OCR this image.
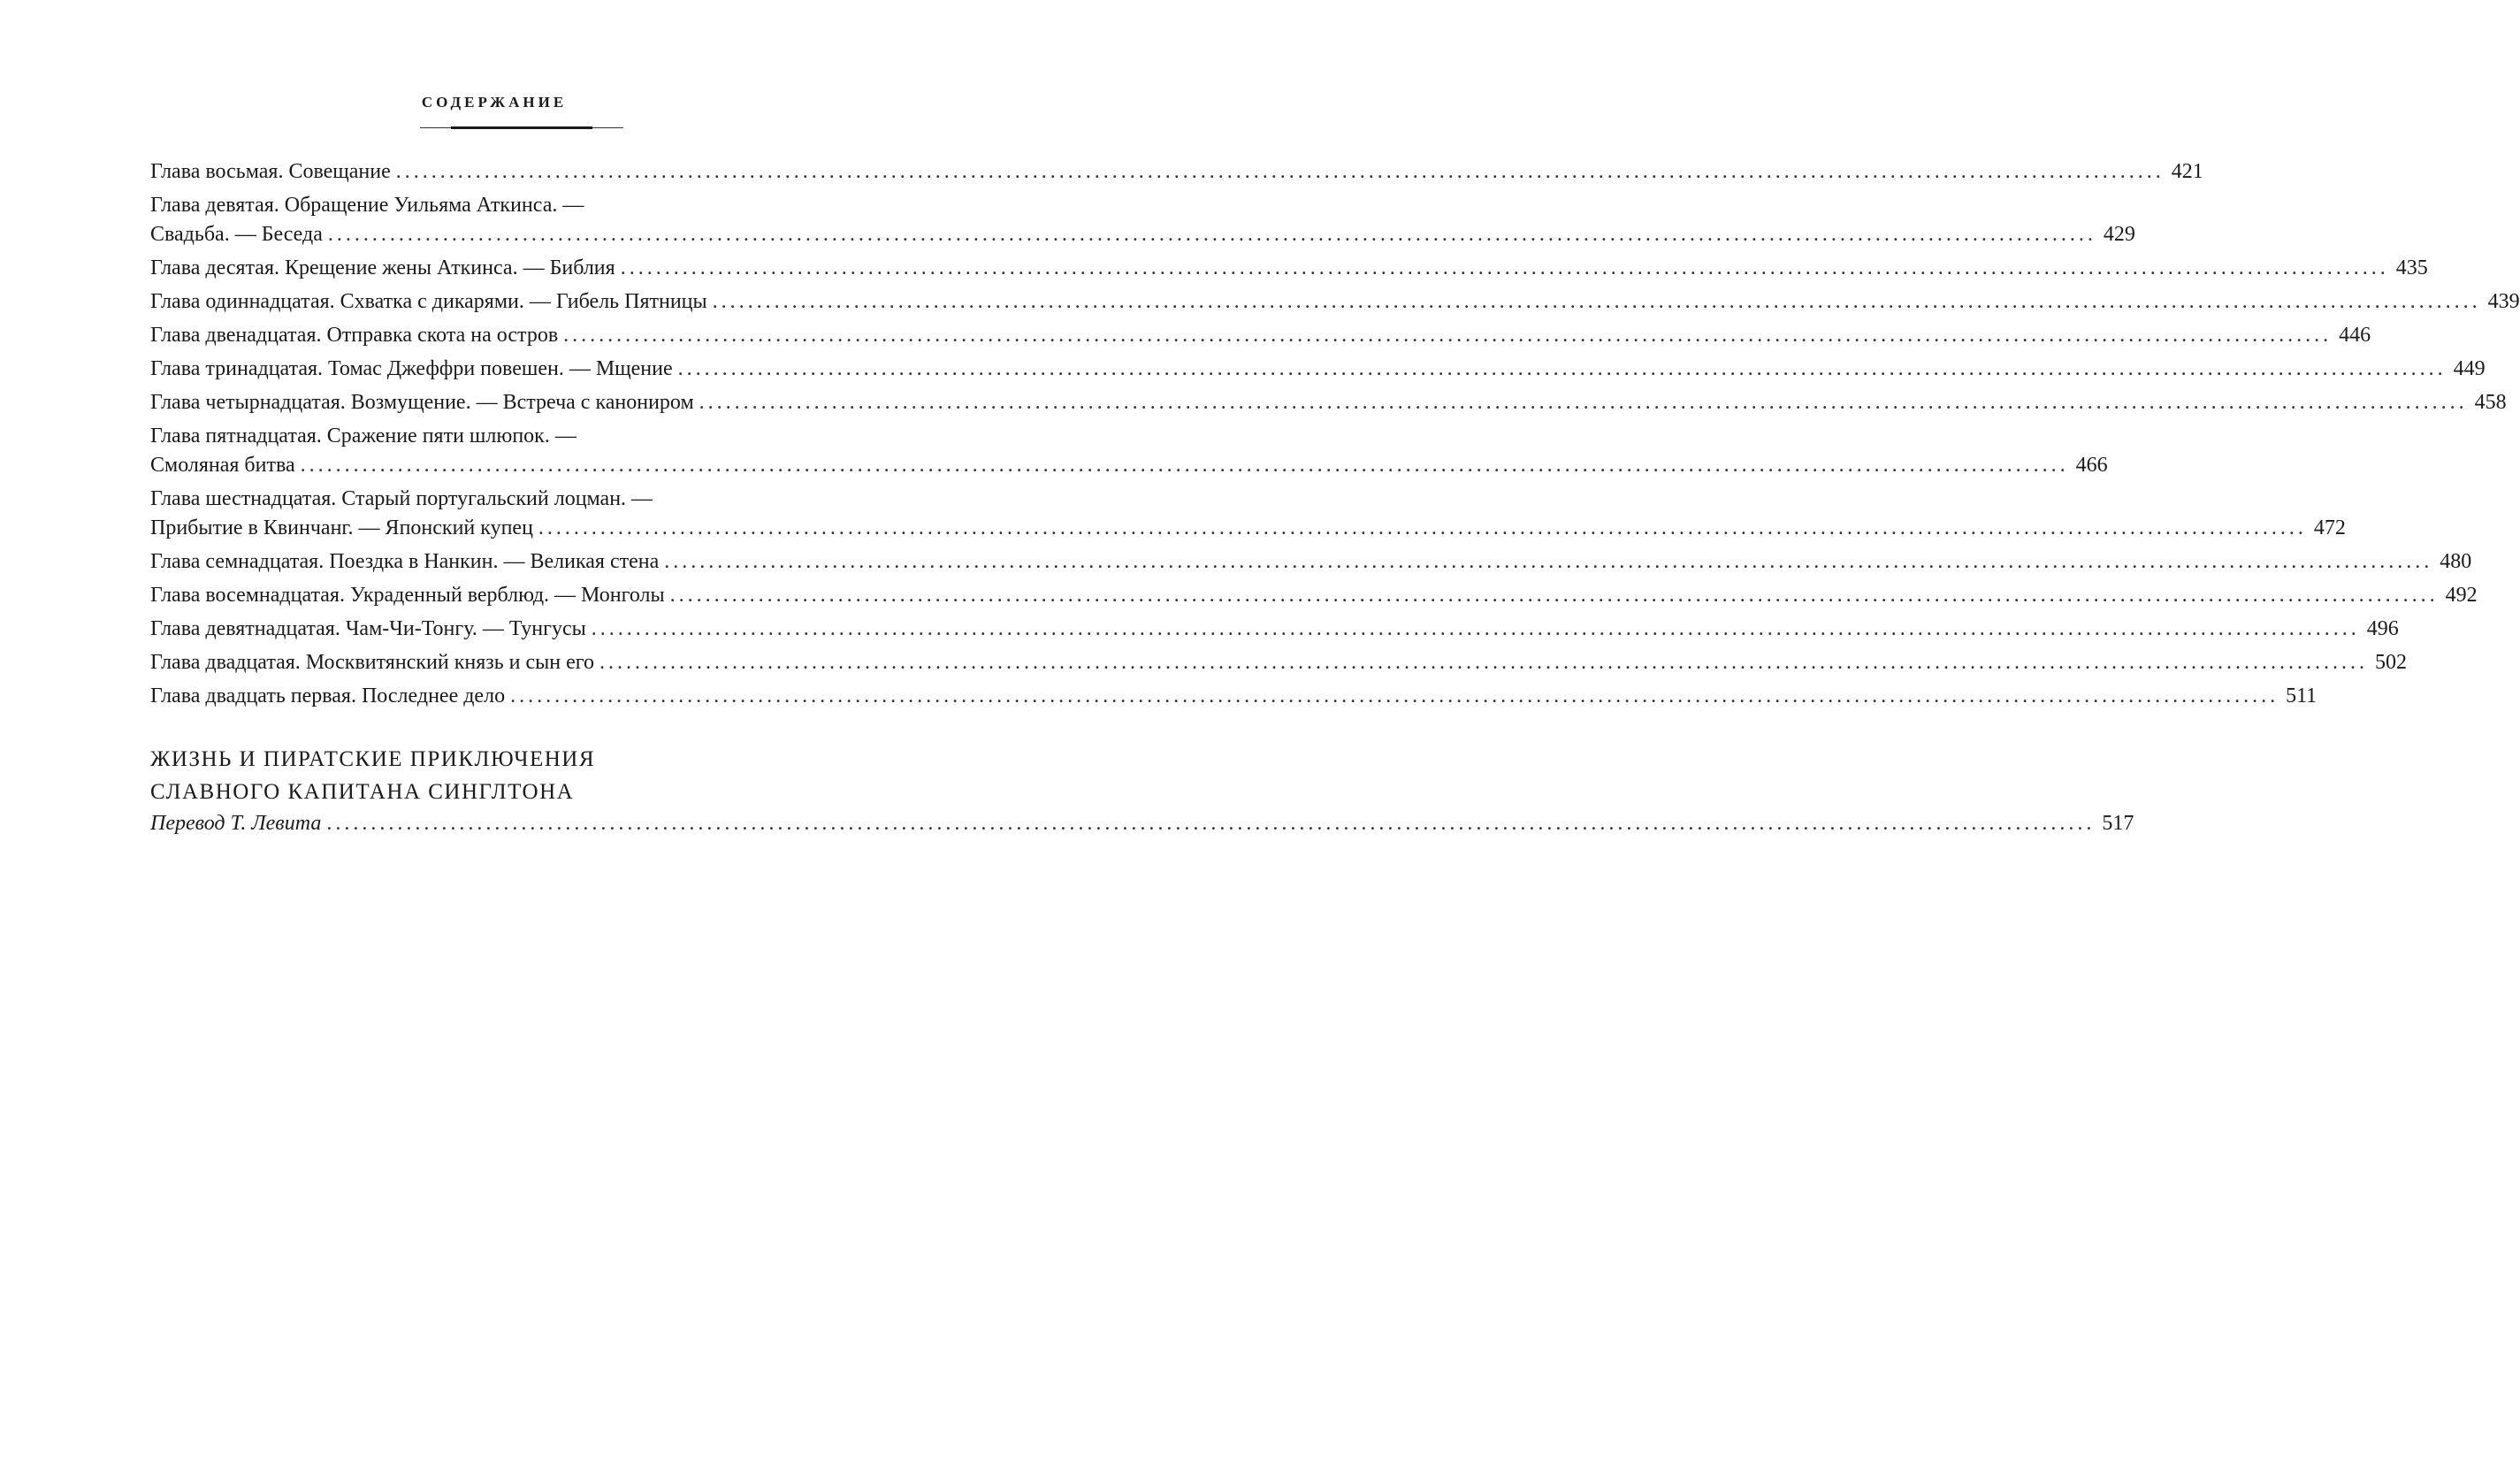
СОДЕРЖАНИЕ
Глава восьмая. Совещание ........................................................................................................................................................................................................ 421
Глава девятая. Обращение Уильяма Аткинса. —
Свадьба. — Беседа ........................................................................................................................................................................................................ 429
Глава десятая. Крещение жены Аткинса. — Библия ........................................................................................................................................................................................................ 435
Глава одиннадцатая. Схватка с дикарями. — Гибель Пятницы ........................................................................................................................................................................................................ 439
Глава двенадцатая. Отправка скота на остров ........................................................................................................................................................................................................ 446
Глава тринадцатая. Томас Джеффри повешен. — Мщение ........................................................................................................................................................................................................ 449
Глава четырнадцатая. Возмущение. — Встреча с канониром ........................................................................................................................................................................................................ 458
Глава пятнадцатая. Сражение пяти шлюпок. —
Смоляная битва ........................................................................................................................................................................................................ 466
Глава шестнадцатая. Старый португальский лоцман. —
Прибытие в Квинчанг. — Японский купец ........................................................................................................................................................................................................ 472
Глава семнадцатая. Поездка в Нанкин. — Великая стена ........................................................................................................................................................................................................ 480
Глава восемнадцатая. Украденный верблюд. — Монголы ........................................................................................................................................................................................................ 492
Глава девятнадцатая. Чам-Чи-Тонгу. — Тунгусы ........................................................................................................................................................................................................ 496
Глава двадцатая. Москвитянский князь и сын его ........................................................................................................................................................................................................ 502
Глава двадцать первая. Последнее дело ........................................................................................................................................................................................................ 511
ЖИЗНЬ И ПИРАТСКИЕ ПРИКЛЮЧЕНИЯ
СЛАВНОГО КАПИТАНА СИНГЛТОНА
Перевод Т. Левита ........................................................................................................................................................................................................ 517
